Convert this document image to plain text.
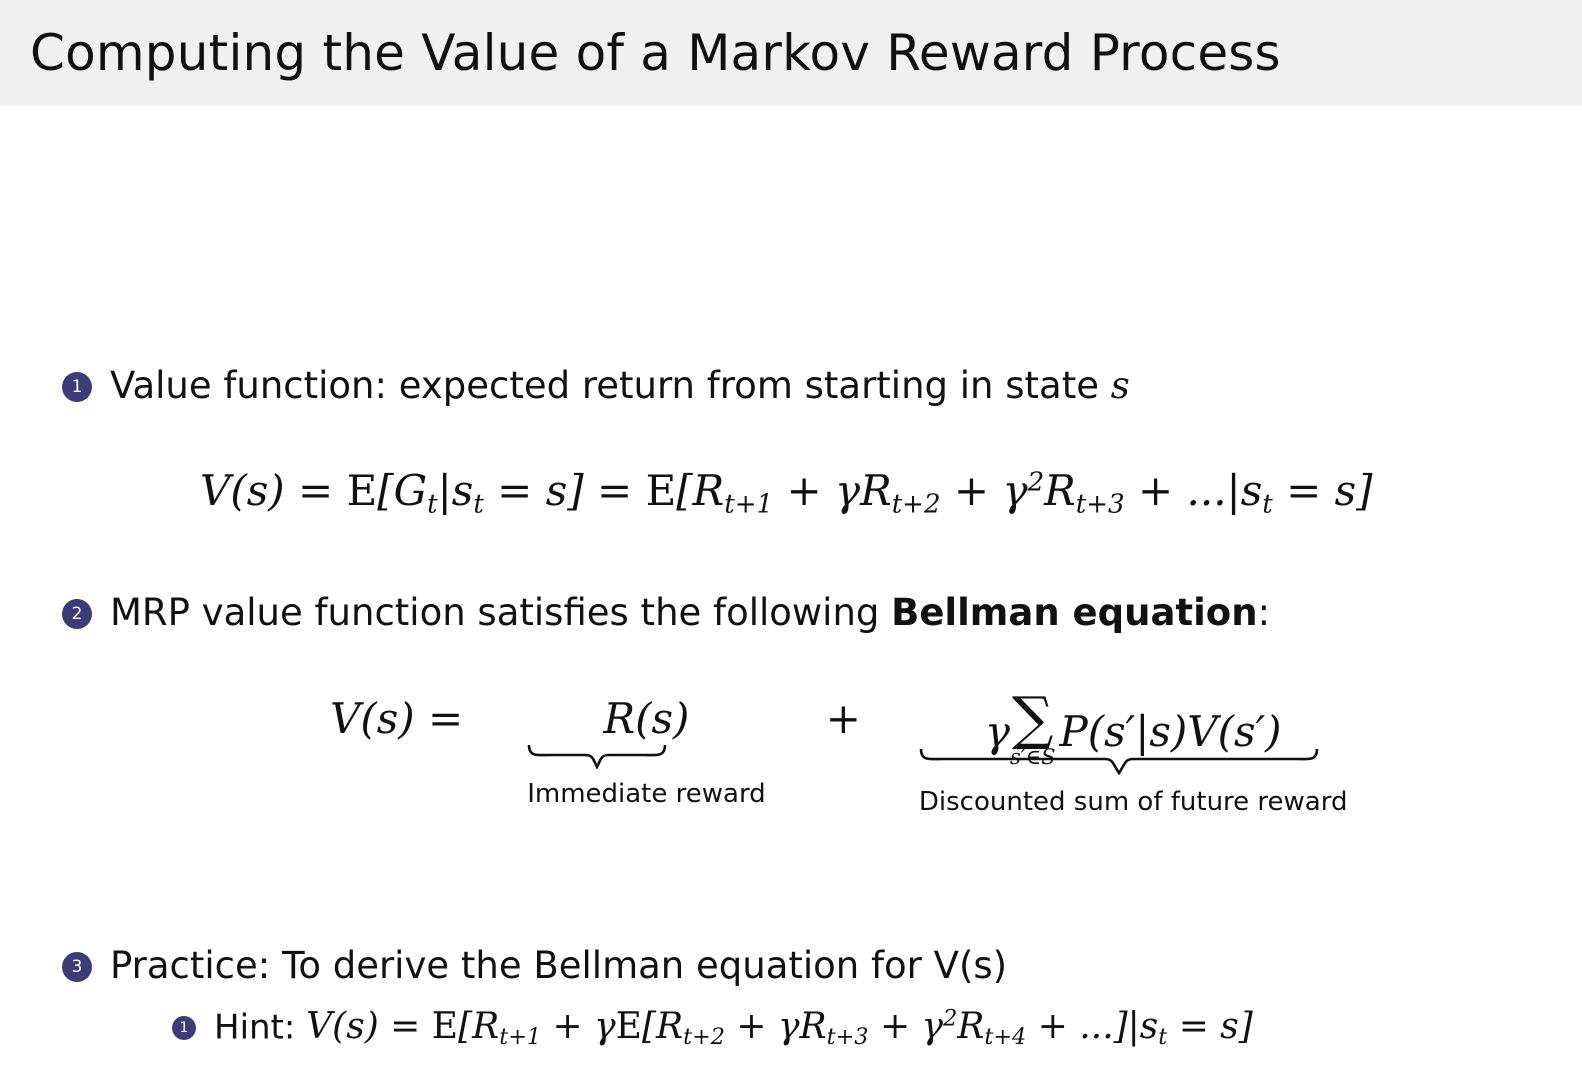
Computing the Value of a Markov Reward Process
1 Value function: expected return from starting in state s
$V(s) = E[G_t|s_t = s] = E[R_{t+1} + \gamma R_{t+2} + \gamma^2R_{t+3} + ...|s_t = s]$
2 MRP value function satisfies the following Bellman equation:
V(s) =	R(s)
Immediate reward
+	γ ∑
s′∈S
P(s′|s)V(s′)
Discounted sum of future reward
3 Practice: To derive the Bellman equation for V(s)
1 Hint: $V(s) = E[R_{t+1} + \gamma E[R_{t+2} + \gamma R_{t+3} + \gamma^2R_{t+4} + ...]|s_t = s]$
